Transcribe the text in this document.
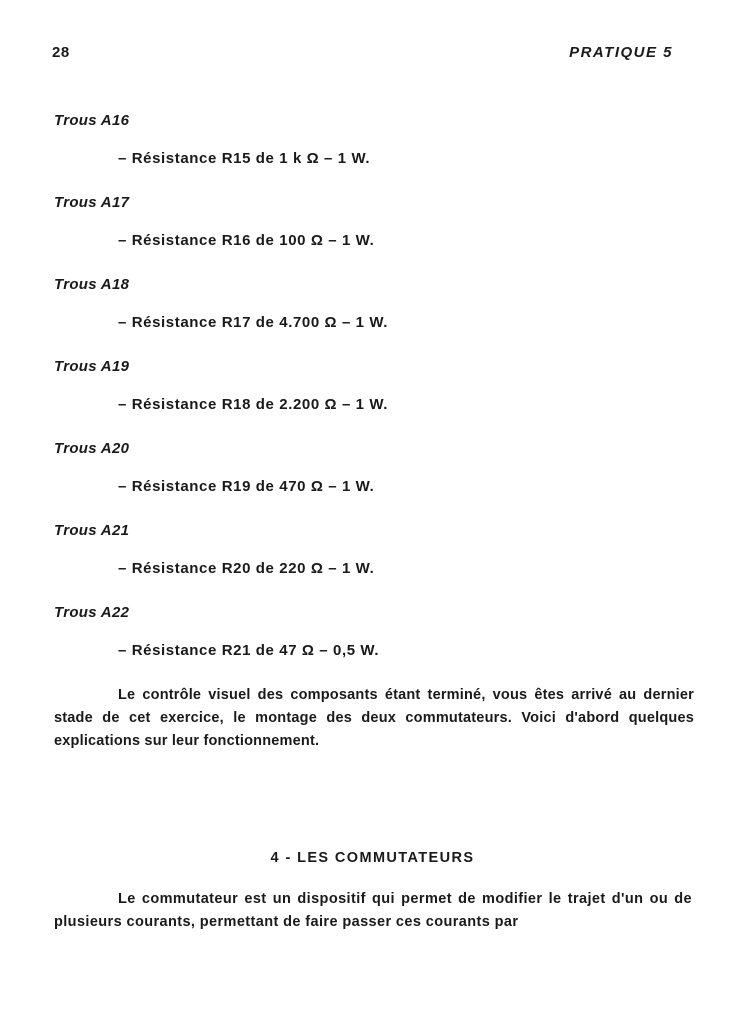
28	PRATIQUE 5
Trous A16
– Résistance R15 de 1 k Ω – 1 W.
Trous A17
– Résistance R16 de 100 Ω – 1 W.
Trous A18
– Résistance R17 de 4.700 Ω – 1 W.
Trous A19
– Résistance R18 de 2.200 Ω – 1 W.
Trous A20
– Résistance R19 de 470 Ω – 1 W.
Trous A21
– Résistance R20 de 220 Ω – 1 W.
Trous A22
– Résistance R21 de 47 Ω – 0,5 W.

Le contrôle visuel des composants étant terminé, vous êtes arrivé au dernier stade de cet exercice, le montage des deux commutateurs. Voici d'abord quelques explications sur leur fonctionnement.

4 - LES COMMUTATEURS

Le commutateur est un dispositif qui permet de modifier le trajet d'un ou de plusieurs courants, permettant de faire passer ces courants par
